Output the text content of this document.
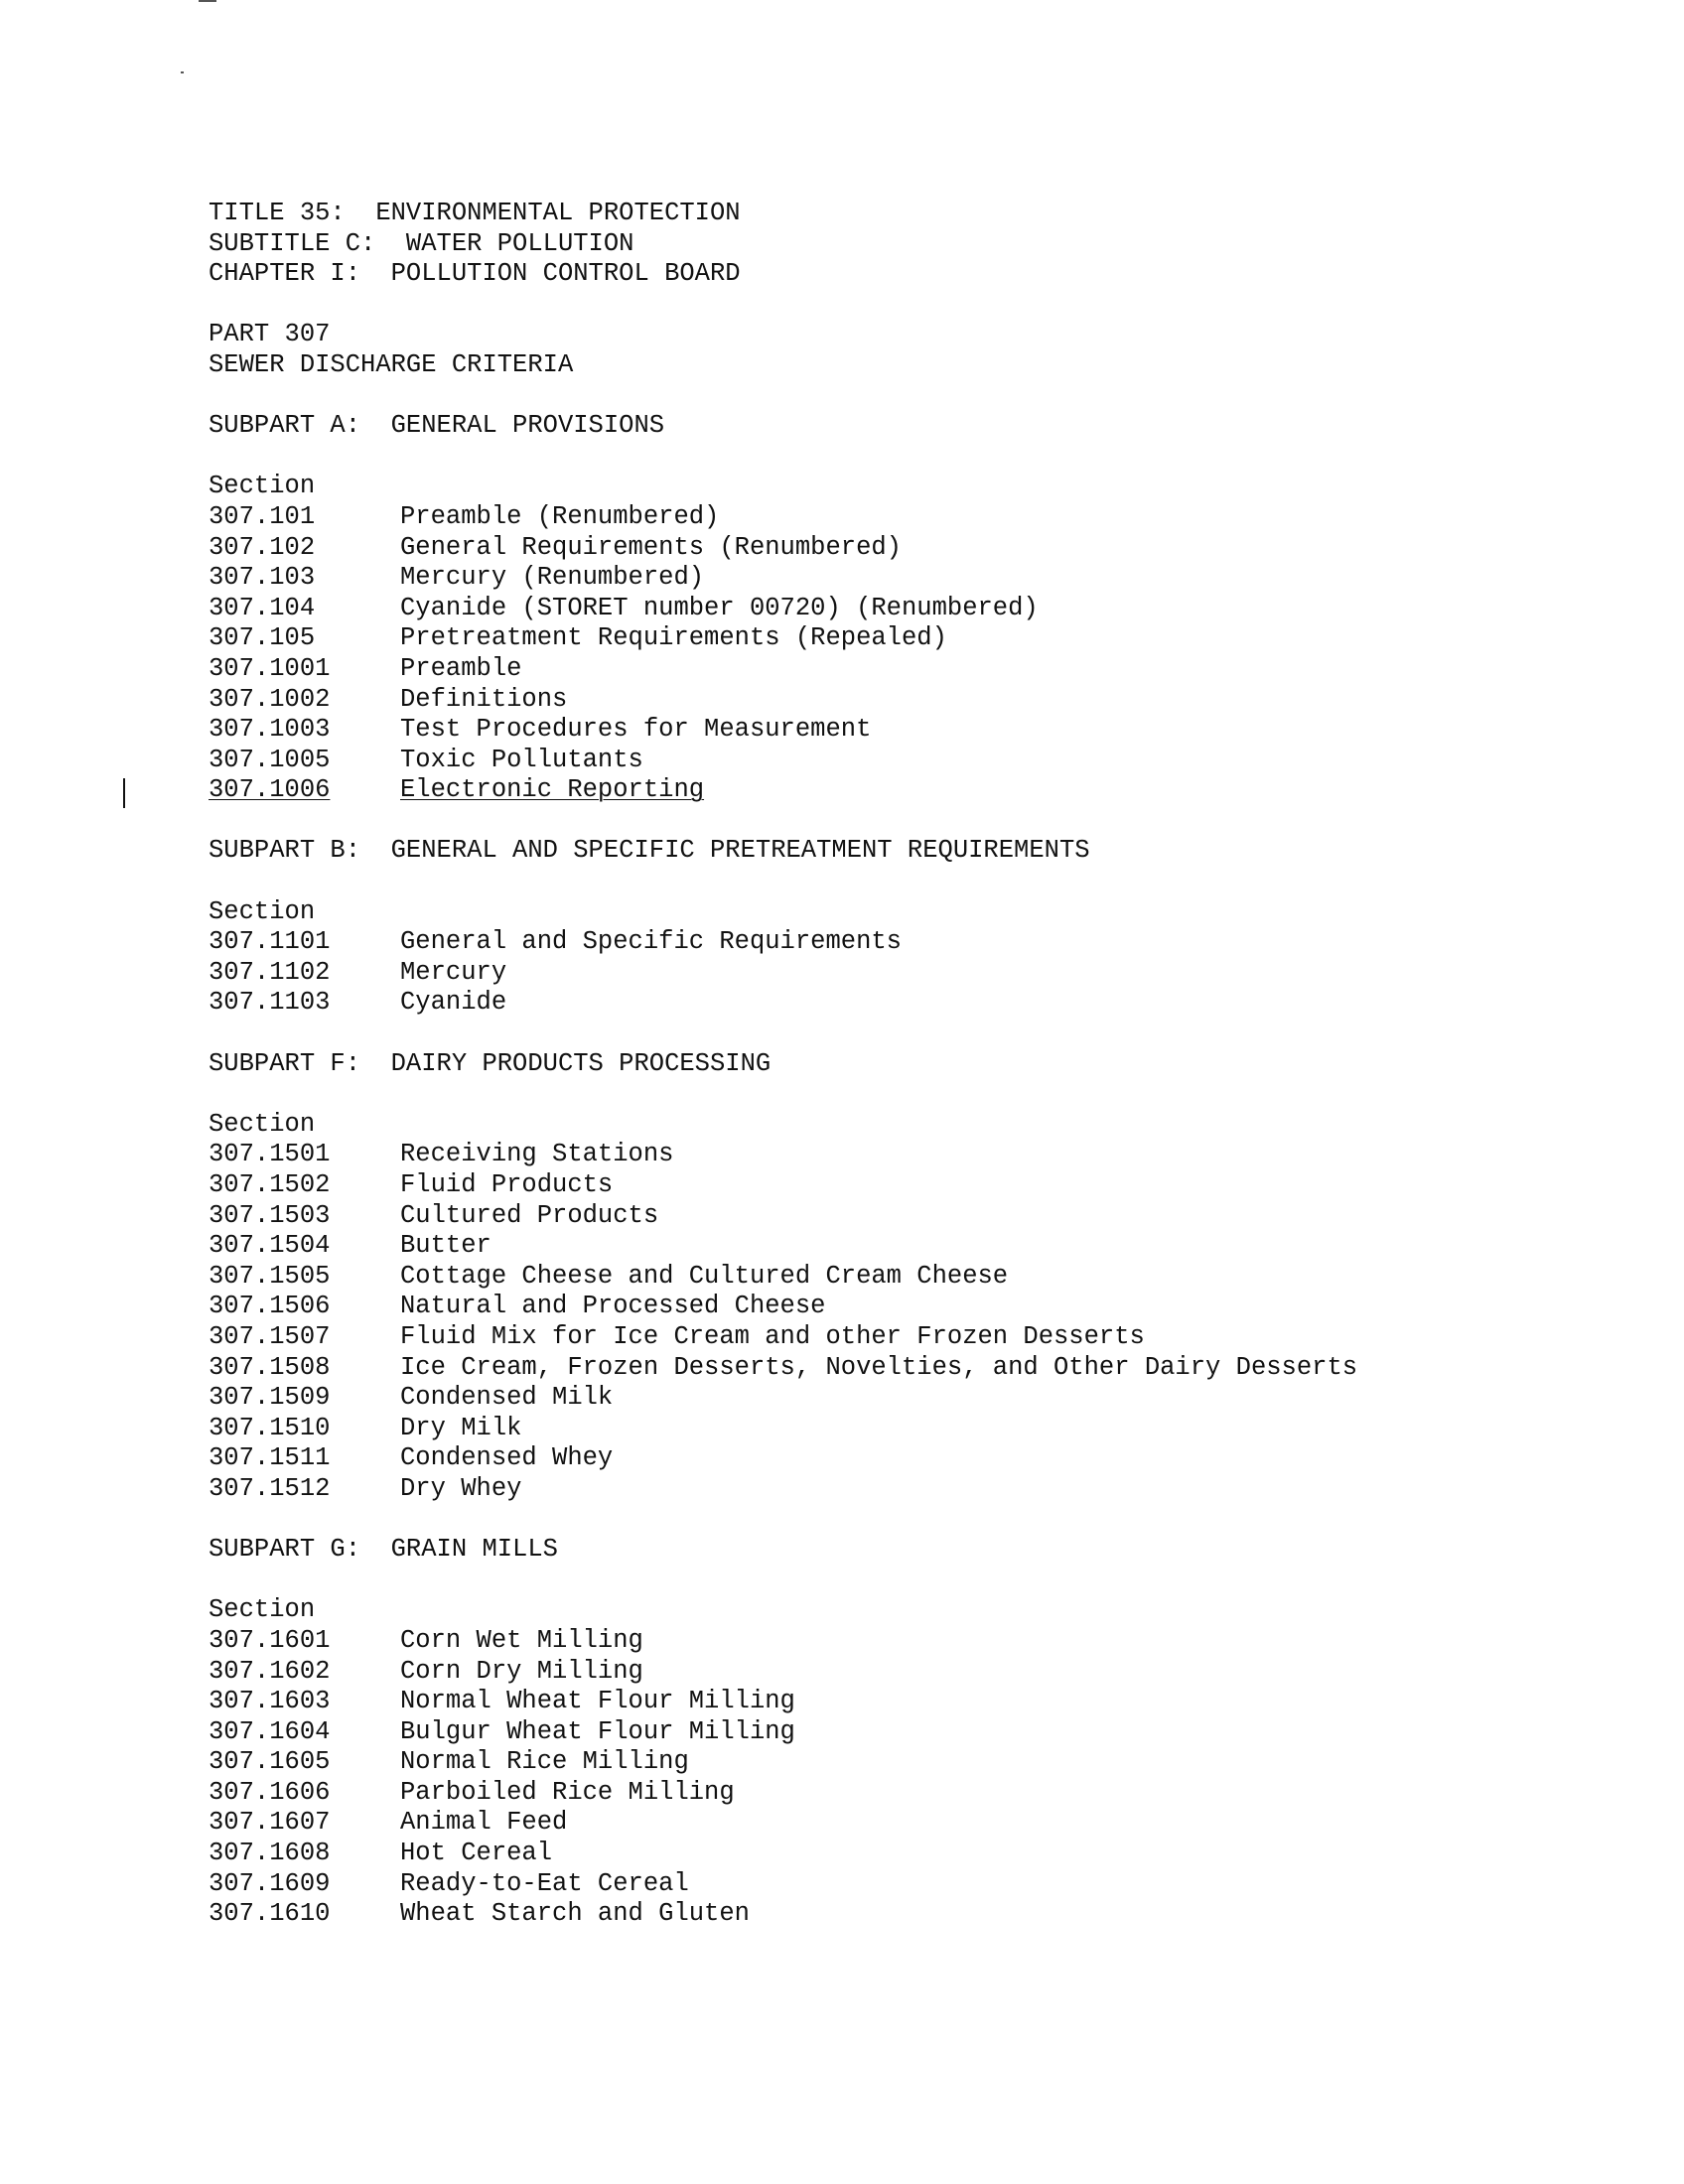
TITLE 35:  ENVIRONMENTAL PROTECTION
SUBTITLE C:  WATER POLLUTION
CHAPTER I:  POLLUTION CONTROL BOARD
PART 307
SEWER DISCHARGE CRITERIA
SUBPART A:  GENERAL PROVISIONS
Section
307.101	Preamble (Renumbered)
307.102	General Requirements (Renumbered)
307.103	Mercury (Renumbered)
307.104	Cyanide (STORET number 00720) (Renumbered)
307.105	Pretreatment Requirements (Repealed)
307.1001	Preamble
307.1002	Definitions
307.1003	Test Procedures for Measurement
307.1005	Toxic Pollutants
307.1006	Electronic Reporting
SUBPART B:  GENERAL AND SPECIFIC PRETREATMENT REQUIREMENTS
Section
307.1101	General and Specific Requirements
307.1102	Mercury
307.1103	Cyanide
SUBPART F:  DAIRY PRODUCTS PROCESSING
Section
307.1501	Receiving Stations
307.1502	Fluid Products
307.1503	Cultured Products
307.1504	Butter
307.1505	Cottage Cheese and Cultured Cream Cheese
307.1506	Natural and Processed Cheese
307.1507	Fluid Mix for Ice Cream and other Frozen Desserts
307.1508	Ice Cream, Frozen Desserts, Novelties, and Other Dairy Desserts
307.1509	Condensed Milk
307.1510	Dry Milk
307.1511	Condensed Whey
307.1512	Dry Whey
SUBPART G:  GRAIN MILLS
Section
307.1601	Corn Wet Milling
307.1602	Corn Dry Milling
307.1603	Normal Wheat Flour Milling
307.1604	Bulgur Wheat Flour Milling
307.1605	Normal Rice Milling
307.1606	Parboiled Rice Milling
307.1607	Animal Feed
307.1608	Hot Cereal
307.1609	Ready-to-Eat Cereal
307.1610	Wheat Starch and Gluten
